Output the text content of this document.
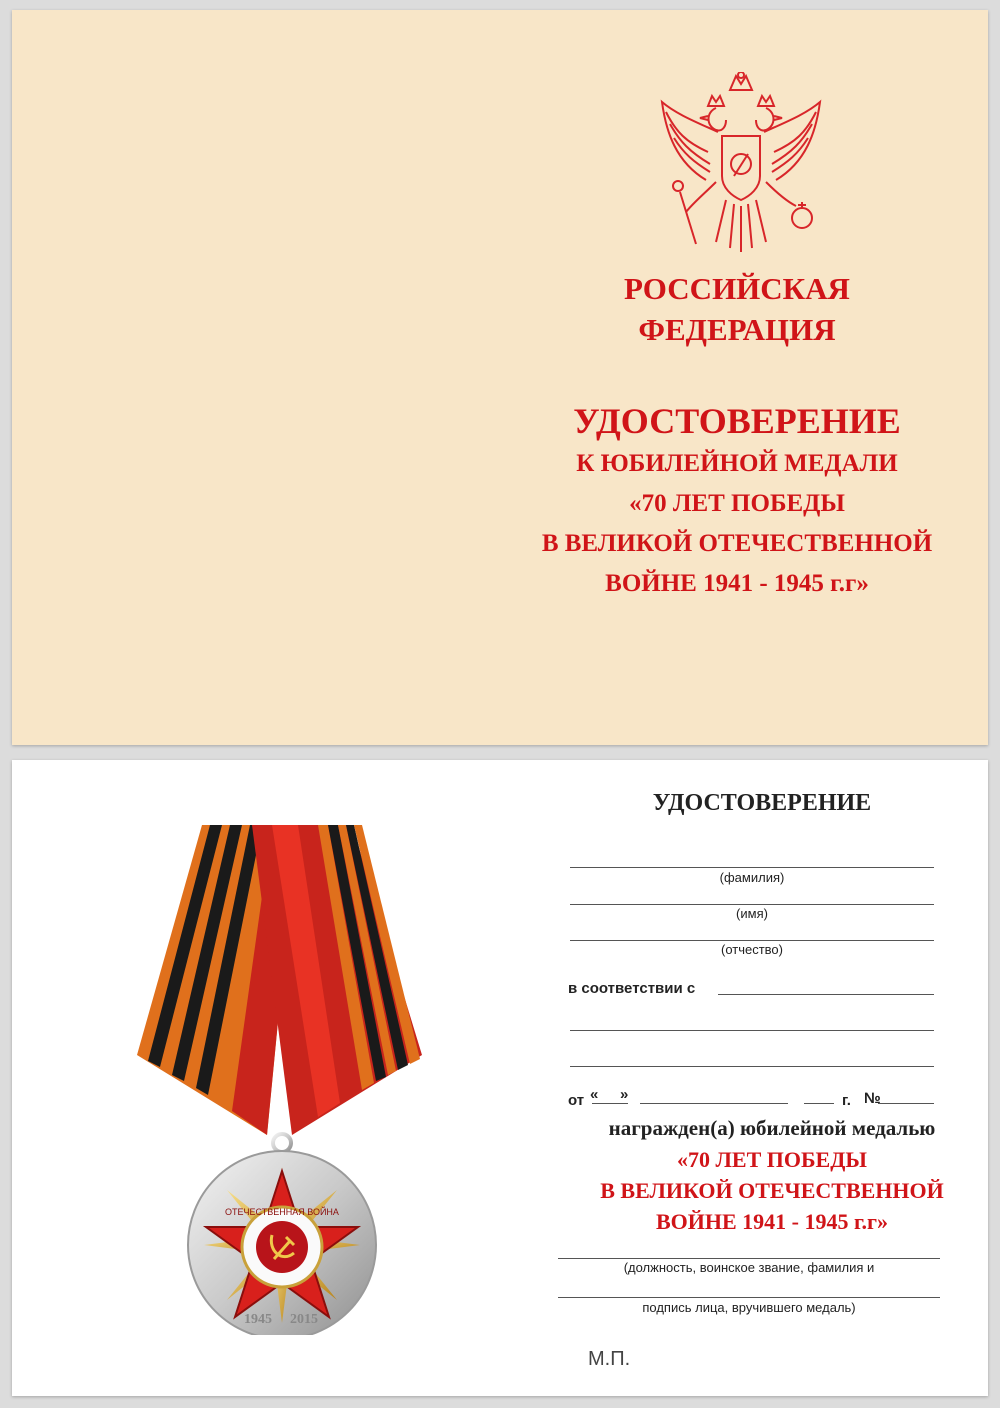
РОССИЙСКАЯ
ФЕДЕРАЦИЯ
УДОСТОВЕРЕНИЕ
К ЮБИЛЕЙНОЙ МЕДАЛИ
«70 ЛЕТ ПОБЕДЫ
В ВЕЛИКОЙ ОТЕЧЕСТВЕННОЙ
ВОЙНЕ 1941 - 1945 г.г»
ОТЕЧЕСТВЕННАЯ ВОЙНА
1945 2015
УДОСТОВЕРЕНИЕ
(фамилия)
(имя)
(отчество)
в соответствии с
от « »	г. №
награжден(а) юбилейной медалью
«70 ЛЕТ ПОБЕДЫ
В ВЕЛИКОЙ ОТЕЧЕСТВЕННОЙ
ВОЙНЕ 1941 - 1945 г.г»
(должность, воинское звание, фамилия и
подпись лица, вручившего медаль)
М.П.
